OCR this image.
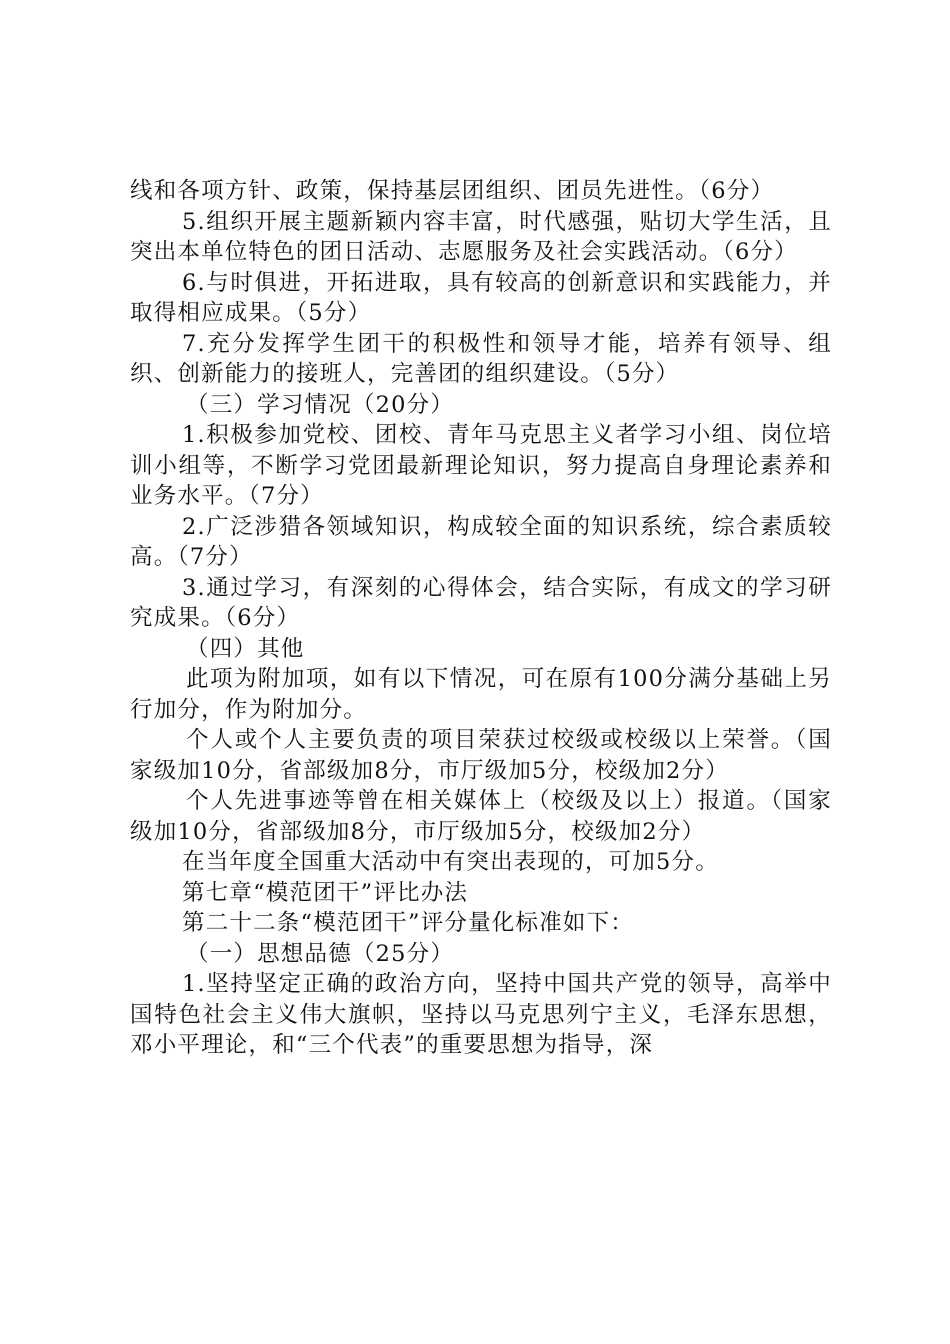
线和各项方针、政策，保持基层团组织、团员先进性。（6分）

5.组织开展主题新颖内容丰富，时代感强，贴切大学生活，且突出本单位特色的团日活动、志愿服务及社会实践活动。（6分）

6.与时俱进，开拓进取，具有较高的创新意识和实践能力，并取得相应成果。（5分）

7.充分发挥学生团干的积极性和领导才能，培养有领导、组织、创新能力的接班人，完善团的组织建设。（5分）

（三）学习情况（20分）

1.积极参加党校、团校、青年马克思主义者学习小组、岗位培训小组等，不断学习党团最新理论知识，努力提高自身理论素养和业务水平。（7分）

2.广泛涉猎各领域知识，构成较全面的知识系统，综合素质较高。（7分）

3.通过学习，有深刻的心得体会，结合实际，有成文的学习研究成果。（6分）

（四）其他

此项为附加项，如有以下情况，可在原有100分满分基础上另行加分，作为附加分。

个人或个人主要负责的项目荣获过校级或校级以上荣誉。（国家级加10分，省部级加8分，市厅级加5分，校级加2分）

个人先进事迹等曾在相关媒体上（校级及以上）报道。（国家级加10分，省部级加8分，市厅级加5分，校级加2分）

在当年度全国重大活动中有突出表现的，可加5分。

第七章“模范团干”评比办法

第二十二条“模范团干”评分量化标准如下：

（一）思想品德（25分）

1.坚持坚定正确的政治方向，坚持中国共产党的领导，高举中国特色社会主义伟大旗帜，坚持以马克思列宁主义，毛泽东思想，邓小平理论，和“三个代表”的重要思想为指导，深
